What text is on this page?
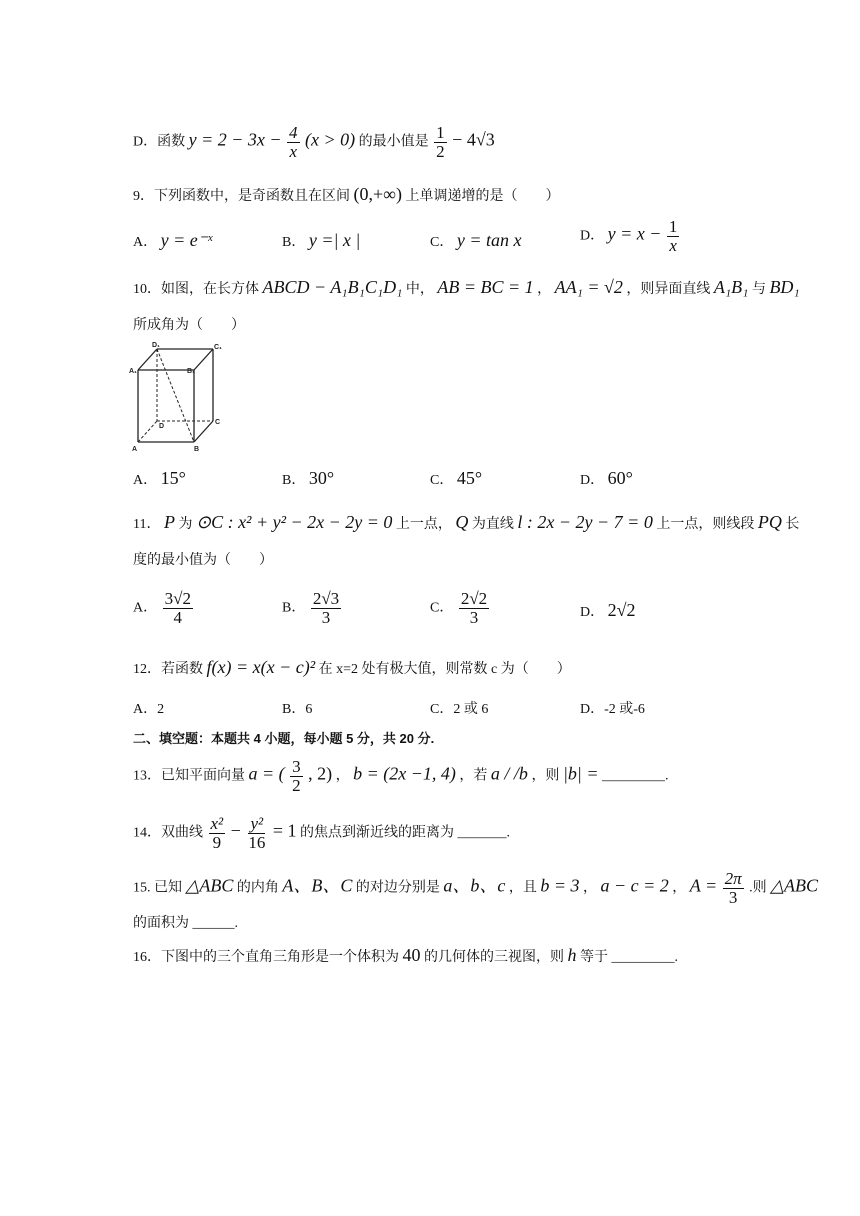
D．函数 $y = 2 - 3x - \frac{4}{x} (x > 0)$ 的最小值是 $\frac{1}{2} - 4√3$
9．下列函数中，是奇函数且在区间 (0,+∞) 上单调递增的是（　　）
A． y = e⁻ˣ	B． y =| x |	C． y = tan x	D． $y = x - \frac{1}{x}$
10．如图，在长方体 ABCD − A₁B₁C₁D₁ 中， AB = BC = 1 ， AA₁ = √2 ，则异面直线 A₁B₁ 与 BD₁
所成角为（　　）
D₁	C₁
A₁	B₁
A	B
C
D
A． 15°	B． 30°	C． 45°	D． 60°
11． P 为 ⊙C : x² + y² − 2x − 2y = 0 上一点， Q 为直线 l : 2x − 2y − 7 = 0 上一点，则线段 PQ 长
度的最小值为（　　）
A． $\frac{3√2}{4}$	B． $\frac{2√3}{3}$	C． $\frac{2√2}{3}$	D． 2√2
12．若函数 f(x) = x(x − c)² 在 x=2 处有极大值，则常数 c 为（　　）
A．2	B．6	C．2 或 6	D．-2 或-6
二、填空题：本题共 4 小题，每小题 5 分，共 20 分.
13．已知平面向量 a = ( $\frac{3}{2}$ , 2) ， b = (2x −1, 4) ，若 a / /b ，则 |b| = _________.
14．双曲线 $\frac{\text{x²}}{9} - \frac{\text{y²}}{16} = 1$ 的焦点到渐近线的距离为 _______.
15. 已知 △ABC 的内角 A、B、C 的对边分别是 a、b、c ，且 b = 3 ， a − c = 2 ， $A = \frac{2\pi}{3}$ .则 △ABC
的面积为 ______.
16．下图中的三个直角三角形是一个体积为 40 的几何体的三视图，则 h 等于 _________.
